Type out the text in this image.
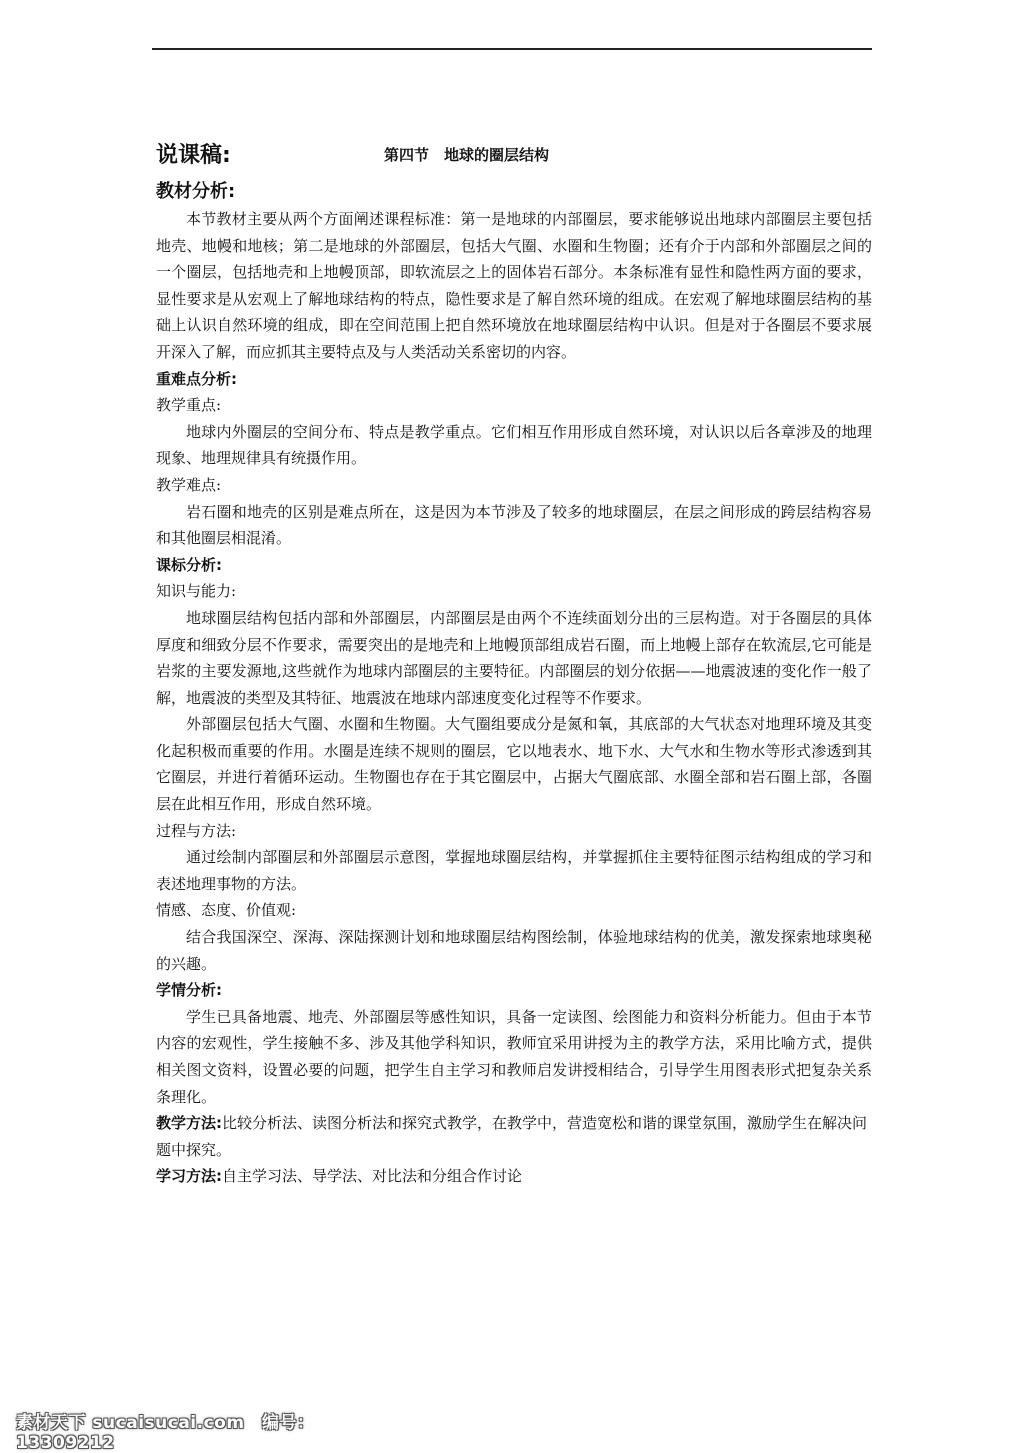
说课稿:	第四节　地球的圈层结构
教材分析:

本节教材主要从两个方面阐述课程标准：第一是地球的内部圈层，要求能够说出地球内部圈层主要包括地壳、地幔和地核；第二是地球的外部圈层，包括大气圈、水圈和生物圈；还有介于内部和外部圈层之间的一个圈层，包括地壳和上地幔顶部，即软流层之上的固体岩石部分。本条标准有显性和隐性两方面的要求，显性要求是从宏观上了解地球结构的特点，隐性要求是了解自然环境的组成。在宏观了解地球圈层结构的基础上认识自然环境的组成，即在空间范围上把自然环境放在地球圈层结构中认识。但是对于各圈层不要求展开深入了解，而应抓其主要特点及与人类活动关系密切的内容。

重难点分析:
教学重点:

地球内外圈层的空间分布、特点是教学重点。它们相互作用形成自然环境，对认识以后各章涉及的地理现象、地理规律具有统摄作用。

教学难点:

岩石圈和地壳的区别是难点所在，这是因为本节涉及了较多的地球圈层，在层之间形成的跨层结构容易和其他圈层相混淆。

课标分析:
知识与能力:

地球圈层结构包括内部和外部圈层，内部圈层是由两个不连续面划分出的三层构造。对于各圈层的具体厚度和细致分层不作要求，需要突出的是地壳和上地幔顶部组成岩石圈，而上地幔上部存在软流层,它可能是岩浆的主要发源地,这些就作为地球内部圈层的主要特征。内部圈层的划分依据——地震波速的变化作一般了解，地震波的类型及其特征、地震波在地球内部速度变化过程等不作要求。

外部圈层包括大气圈、水圈和生物圈。大气圈组要成分是氮和氧，其底部的大气状态对地理环境及其变化起积极而重要的作用。水圈是连续不规则的圈层，它以地表水、地下水、大气水和生物水等形式渗透到其它圈层，并进行着循环运动。生物圈也存在于其它圈层中，占据大气圈底部、水圈全部和岩石圈上部，各圈层在此相互作用，形成自然环境。

过程与方法:

通过绘制内部圈层和外部圈层示意图，掌握地球圈层结构，并掌握抓住主要特征图示结构组成的学习和表述地理事物的方法。

情感、态度、价值观:

结合我国深空、深海、深陆探测计划和地球圈层结构图绘制，体验地球结构的优美，激发探索地球奥秘的兴趣。

学情分析:

学生已具备地震、地壳、外部圈层等感性知识，具备一定读图、绘图能力和资料分析能力。但由于本节内容的宏观性，学生接触不多、涉及其他学科知识，教师宜采用讲授为主的教学方法，采用比喻方式，提供相关图文资料，设置必要的问题，把学生自主学习和教师启发讲授相结合，引导学生用图表形式把复杂关系条理化。

教学方法:比较分析法、读图分析法和探究式教学，在教学中，营造宽松和谐的课堂氛围，激励学生在解决问题中探究。

学习方法:自主学习法、导学法、对比法和分组合作讨论

素材天下 sucaisucai.com　编号：13309212
